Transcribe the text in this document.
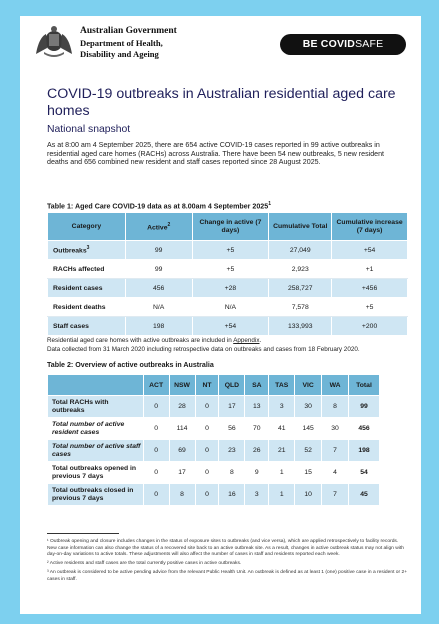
Australian Government
Department of Health,
Disability and Ageing
BE COVIDSAFE
COVID-19 outbreaks in Australian residential aged care homes
National snapshot
As at 8:00 am 4 September 2025, there are 654 active COVID-19 cases reported in 99 active outbreaks in residential aged care homes (RACHs) across Australia. There have been 54 new outbreaks, 5 new resident deaths and 656 combined new resident and staff cases reported since 28 August 2025.
Table 1: Aged Care COVID-19 data as at 8.00am 4 September 2025$^1$
Category	Active$^2$	Change in active (7 days)	Cumulative Total	Cumulative increase (7 days)
Outbreaks$^3$	99	+5	27,049	+54
RACHs affected	99	+5	2,923	+1
Resident cases	456	+28	258,727	+456
Resident deaths	N/A	N/A	7,578	+5
Staff cases	198	+54	133,993	+200
Residential aged care homes with active outbreaks are included in Appendix.
Data collected from 31 March 2020 including retrospective data on outbreaks and cases from 18 February 2020.
Table 2: Overview of active outbreaks in Australia
	ACT	NSW	NT	QLD	SA	TAS	VIC	WA	Total
Total RACHs with outbreaks	0	28	0	17	13	3	30	8	99
Total number of active resident cases	0	114	0	56	70	41	145	30	456
Total number of active staff cases	0	69	0	23	26	21	52	7	198
Total outbreaks opened in previous 7 days	0	17	0	8	9	1	15	4	54
Total outbreaks closed in previous 7 days	0	8	0	16	3	1	10	7	45

¹ Outbreak opening and closure includes changes in the status of exposure sites to outbreaks (and vice versa), which are applied retrospectively to facility records. New case information can also change the status of a recovered site back to an active outbreak site. As a result, changes in active outbreak status may not align with day-on-day variations to active totals. These adjustments will also affect the number of cases in staff and residents reported each week.

² Active residents and staff cases are the total currently positive cases in active outbreaks.

³ An outbreak is considered to be active pending advice from the relevant Public Health Unit. An outbreak is defined as at least 1 (one) positive case in a resident or 2+ cases in staff.
